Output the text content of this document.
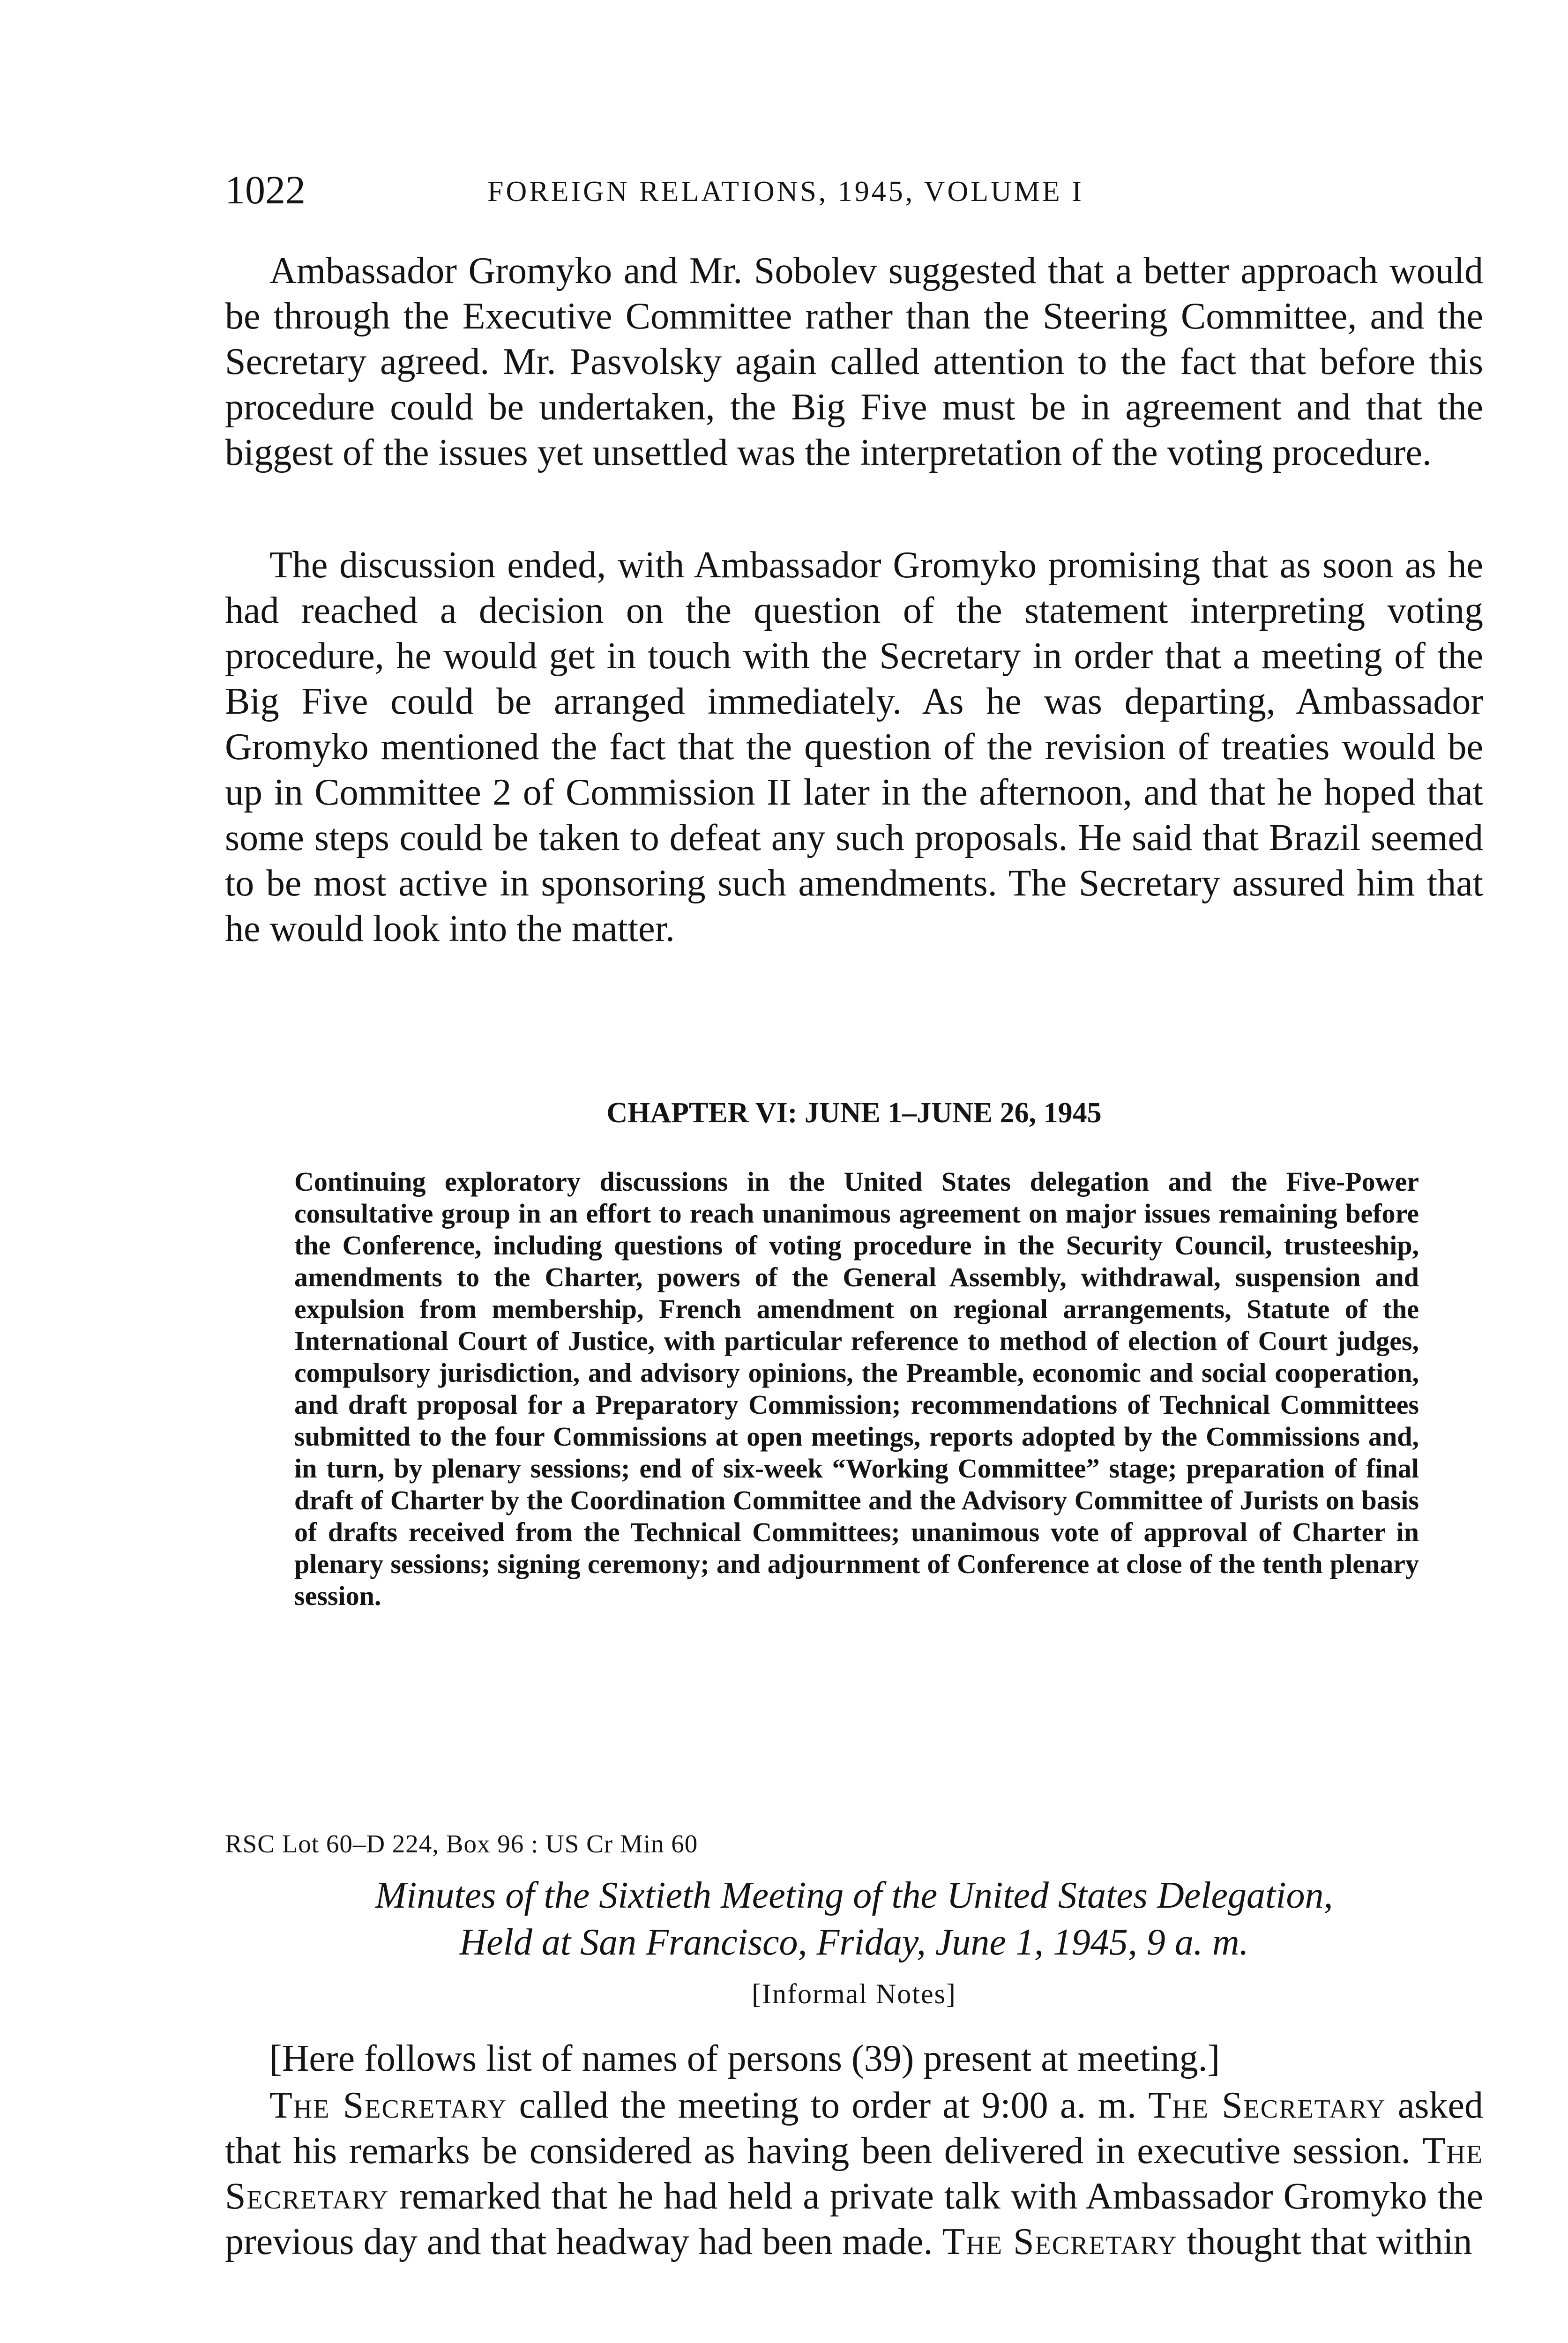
1022	FOREIGN RELATIONS, 1945, VOLUME I

Ambassador Gromyko and Mr. Sobolev suggested that a better approach would be through the Executive Committee rather than the Steering Committee, and the Secretary agreed. Mr. Pasvolsky again called attention to the fact that before this procedure could be undertaken, the Big Five must be in agreement and that the biggest of the issues yet unsettled was the interpretation of the voting procedure.

The discussion ended, with Ambassador Gromyko promising that as soon as he had reached a decision on the question of the statement interpreting voting procedure, he would get in touch with the Secretary in order that a meeting of the Big Five could be arranged immediately. As he was departing, Ambassador Gromyko mentioned the fact that the question of the revision of treaties would be up in Committee 2 of Commission II later in the afternoon, and that he hoped that some steps could be taken to defeat any such proposals. He said that Brazil seemed to be most active in sponsoring such amendments. The Secretary assured him that he would look into the matter.

CHAPTER VI: JUNE 1–JUNE 26, 1945

Continuing exploratory discussions in the United States delegation and the Five-Power consultative group in an effort to reach unanimous agreement on major issues remaining before the Conference, including questions of voting procedure in the Security Council, trusteeship, amendments to the Charter, powers of the General Assembly, withdrawal, suspension and expulsion from membership, French amendment on regional arrangements, Statute of the International Court of Justice, with particular reference to method of election of Court judges, compulsory jurisdiction, and advisory opinions, the Preamble, economic and social cooperation, and draft proposal for a Preparatory Commission; recommendations of Technical Committees submitted to the four Commissions at open meetings, reports adopted by the Commissions and, in turn, by plenary sessions; end of six-week “Working Committee” stage; preparation of final draft of Charter by the Coordination Committee and the Advisory Committee of Jurists on basis of drafts received from the Technical Committees; unanimous vote of approval of Charter in plenary sessions; signing ceremony; and adjournment of Conference at close of the tenth plenary session.

RSC Lot 60–D 224, Box 96 : US Cr Min 60
Minutes of the Sixtieth Meeting of the United States Delegation,
Held at San Francisco, Friday, June 1, 1945, 9 a. m.
[Informal Notes]

[Here follows list of names of persons (39) present at meeting.]

The Secretary called the meeting to order at 9:00 a. m. The Secretary asked that his remarks be considered as having been delivered in executive session. The Secretary remarked that he had held a private talk with Ambassador Gromyko the previous day and that headway had been made. The Secretary thought that within
